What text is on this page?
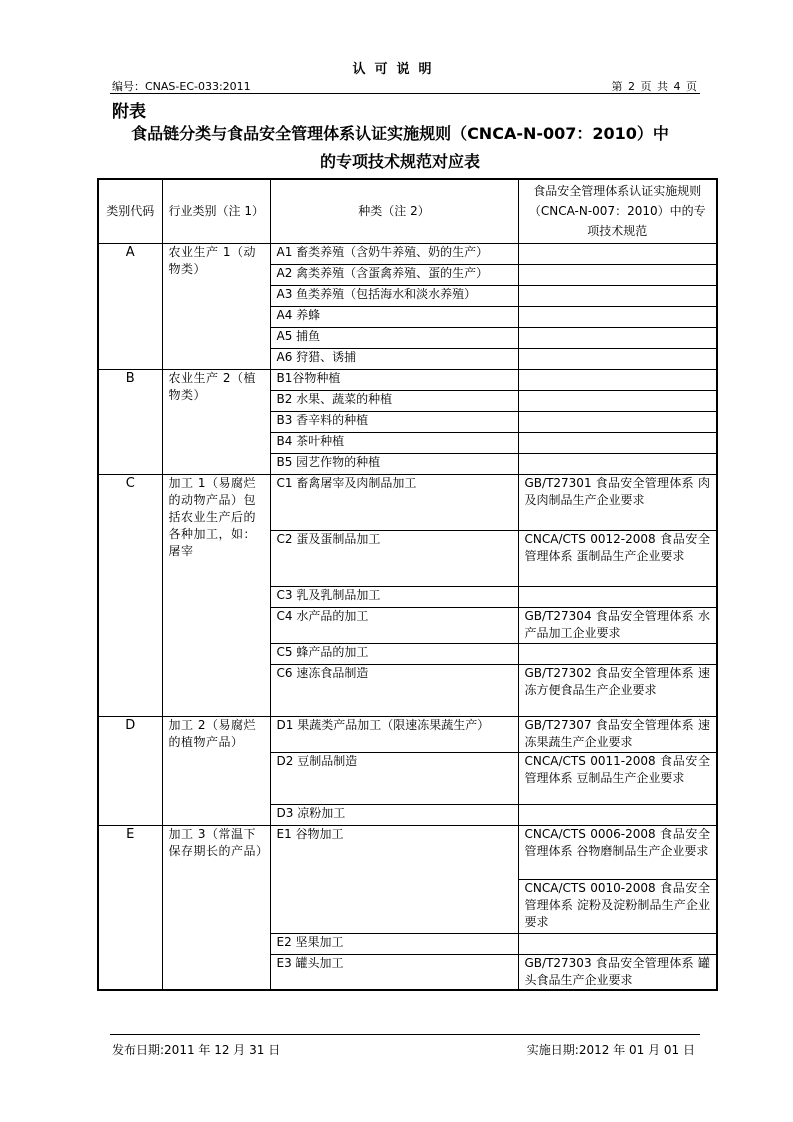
认可说明
编号：CNAS-EC-033:2011	第 2 页 共 4 页
附表
食品链分类与食品安全管理体系认证实施规则（CNCA-N-007：2010）中
的专项技术规范对应表
类别代码	行业类别（注 1）	种类（注 2）	食品安全管理体系认证实施规则（CNCA-N-007：2010）中的专项技术规范
A	农业生产 1（动物类）	A1 畜类养殖（含奶牛养殖、奶的生产）	
		A2 禽类养殖（含蛋禽养殖、蛋的生产）	
		A3 鱼类养殖（包括海水和淡水养殖）	
		A4 养蜂	
		A5 捕鱼	
		A6 狩猎、诱捕	
B	农业生产 2（植物类）	B1谷物种植	
		B2 水果、蔬菜的种植	
		B3 香辛料的种植	
		B4 茶叶种植	
		B5 园艺作物的种植	
C	加工 1（易腐烂的动物产品）包括农业生产后的各种加工，如：屠宰	C1 畜禽屠宰及肉制品加工	GB/T27301 食品安全管理体系 肉及肉制品生产企业要求
		C2 蛋及蛋制品加工	CNCA/CTS 0012-2008 食品安全管理体系 蛋制品生产企业要求
		C3 乳及乳制品加工	
		C4 水产品的加工	GB/T27304 食品安全管理体系 水产品加工企业要求
		C5 蜂产品的加工	
		C6 速冻食品制造	GB/T27302 食品安全管理体系 速冻方便食品生产企业要求
D	加工 2（易腐烂的植物产品）	D1 果蔬类产品加工（限速冻果蔬生产）	GB/T27307 食品安全管理体系 速冻果蔬生产企业要求
		D2 豆制品制造	CNCA/CTS 0011-2008 食品安全管理体系 豆制品生产企业要求
		D3 凉粉加工	
E	加工 3（常温下保存期长的产品）	E1 谷物加工	CNCA/CTS 0006-2008 食品安全管理体系 谷物磨制品生产企业要求
			CNCA/CTS 0010-2008 食品安全管理体系 淀粉及淀粉制品生产企业要求
		E2 坚果加工	
		E3 罐头加工	GB/T27303 食品安全管理体系 罐头食品生产企业要求
发布日期:2011 年 12 月 31 日	实施日期:2012 年 01 月 01 日
